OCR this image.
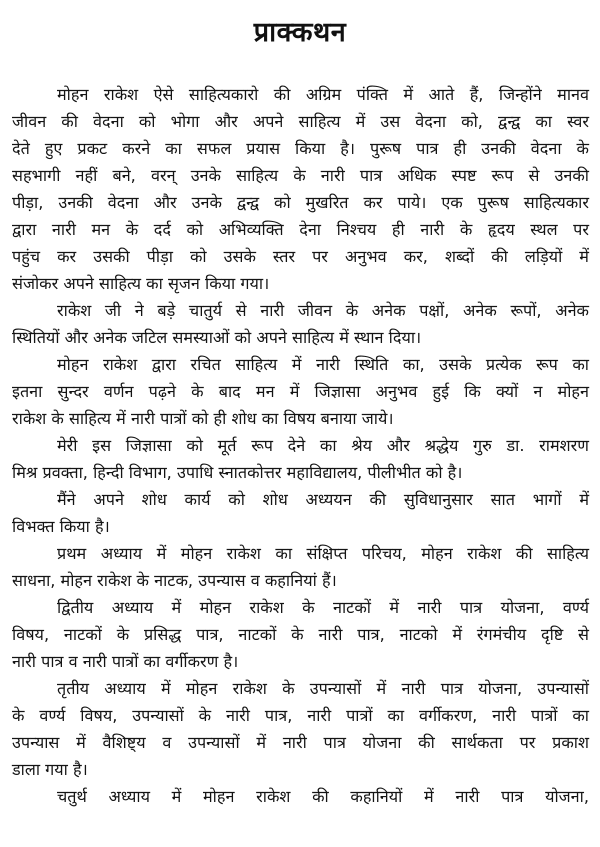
प्राक्कथन
मोहन राकेश ऐसे साहित्यकारो की अग्रिम पंक्ति में आते हैं, जिन्होंने मानव
जीवन की वेदना को भोगा और अपने साहित्य में उस वेदना को, द्वन्द्व का स्वर
देते हुए प्रकट करने का सफल प्रयास किया है। पुरूष पात्र ही उनकी वेदना के
सहभागी नहीं बने, वरन् उनके साहित्य के नारी पात्र अधिक स्पष्ट रूप से उनकी
पीड़ा, उनकी वेदना और उनके द्वन्द्व को मुखरित कर पाये। एक पुरूष साहित्यकार
द्वारा नारी मन के दर्द को अभिव्यक्ति देना निश्चय ही नारी के हृदय स्थल पर
पहुंच कर उसकी पीड़ा को उसके स्तर पर अनुभव कर, शब्दों की लड़ियों में
संजोकर अपने साहित्य का सृजन किया गया।
राकेश जी ने बड़े चातुर्य से नारी जीवन के अनेक पक्षों, अनेक रूपों, अनेक
स्थितियों और अनेक जटिल समस्याओं को अपने साहित्य में स्थान दिया।
मोहन राकेश द्वारा रचित साहित्य में नारी स्थिति का, उसके प्रत्येक रूप का
इतना सुन्दर वर्णन पढ़ने के बाद मन में जिज्ञासा अनुभव हुई कि क्यों न मोहन
राकेश के साहित्य में नारी पात्रों को ही शोध का विषय बनाया जाये।
मेरी इस जिज्ञासा को मूर्त रूप देने का श्रेय और श्रद्धेय गुरु डा. रामशरण
मिश्र प्रवक्ता, हिन्दी विभाग, उपाधि स्नातकोत्तर महाविद्यालय, पीलीभीत को है।
मैंने अपने शोध कार्य को शोध अध्ययन की सुविधानुसार सात भागों में
विभक्त किया है।
प्रथम अध्याय में मोहन राकेश का संक्षिप्त परिचय, मोहन राकेश की साहित्य
साधना, मोहन राकेश के नाटक, उपन्यास व कहानियां हैं।
द्वितीय अध्याय में मोहन राकेश के नाटकों में नारी पात्र योजना, वर्ण्य
विषय, नाटकों के प्रसिद्ध पात्र, नाटकों के नारी पात्र, नाटको में रंगमंचीय दृष्टि से
नारी पात्र व नारी पात्रों का वर्गीकरण है।
तृतीय अध्याय में मोहन राकेश के उपन्यासों में नारी पात्र योजना, उपन्यासों
के वर्ण्य विषय, उपन्यासों के नारी पात्र, नारी पात्रों का वर्गीकरण, नारी पात्रों का
उपन्यास में वैशिष्ट्य व उपन्यासों में नारी पात्र योजना की सार्थकता पर प्रकाश
डाला गया है।
चतुर्थ अध्याय में मोहन राकेश की कहानियों में नारी पात्र योजना,
